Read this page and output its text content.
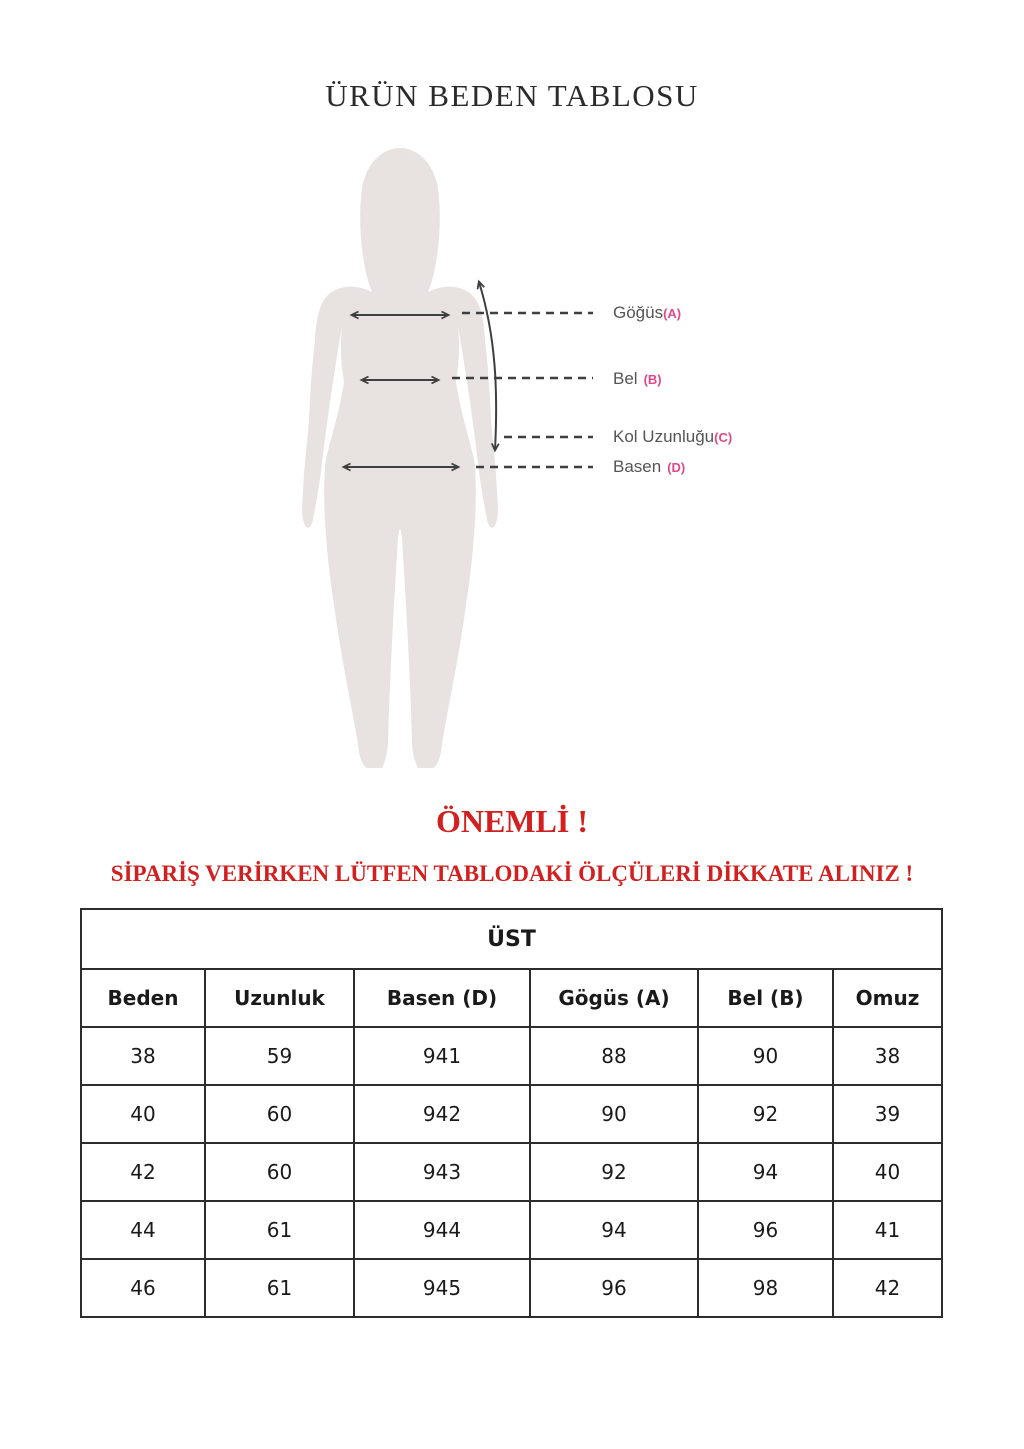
ÜRÜN BEDEN TABLOSU
Göğüs(A)
Bel (B)
Kol Uzunluğu(C)
Basen (D)
ÖNEMLİ !
SİPARİŞ VERİRKEN LÜTFEN TABLODAKİ ÖLÇÜLERİ DİKKATE ALINIZ !
ÜST					
Beden	Uzunluk	Basen (D)	Gögüs (A)	Bel (B)	Omuz
38	59	941	88	90	38
40	60	942	90	92	39
42	60	943	92	94	40
44	61	944	94	96	41
46	61	945	96	98	42
